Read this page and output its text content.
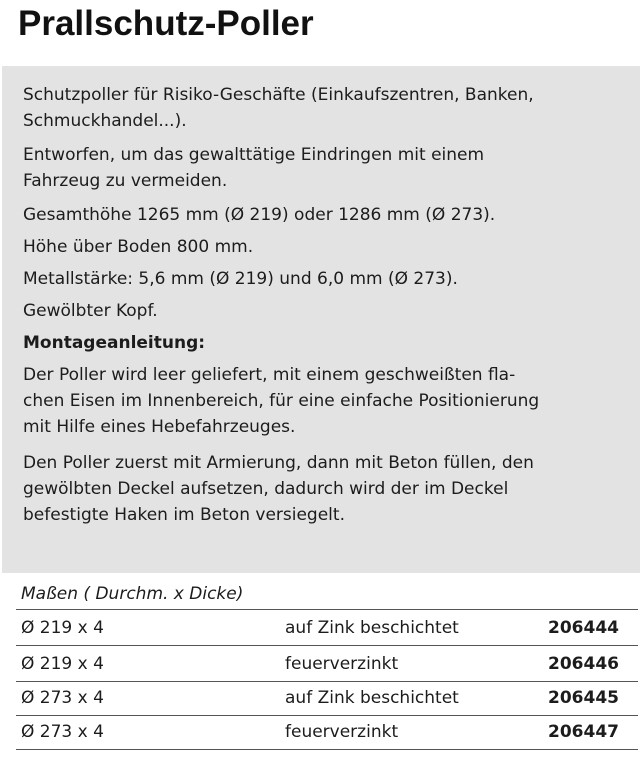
Prallschutz-Poller

Schutzpoller für Risiko-Geschäfte (Einkaufszentren, Banken,
Schmuckhandel...).

Entworfen, um das gewalttätige Eindringen mit einem
Fahrzeug zu vermeiden.

Gesamthöhe 1265 mm (Ø 219) oder 1286 mm (Ø 273).

Höhe über Boden 800 mm.

Metallstärke: 5,6 mm (Ø 219) und 6,0 mm (Ø 273).

Gewölbter Kopf.

Montageanleitung:

Der Poller wird leer geliefert, mit einem geschweißten fla-
chen Eisen im Innenbereich, für eine einfache Positionierung
mit Hilfe eines Hebefahrzeuges.

Den Poller zuerst mit Armierung, dann mit Beton füllen, den
gewölbten Deckel aufsetzen, dadurch wird der im Deckel
befestigte Haken im Beton versiegelt.

Maßen ( Durchm. x Dicke)
Ø 219 x 4	auf Zink beschichtet	206444
Ø 219 x 4	feuerverzinkt	206446
Ø 273 x 4	auf Zink beschichtet	206445
Ø 273 x 4	feuerverzinkt	206447
